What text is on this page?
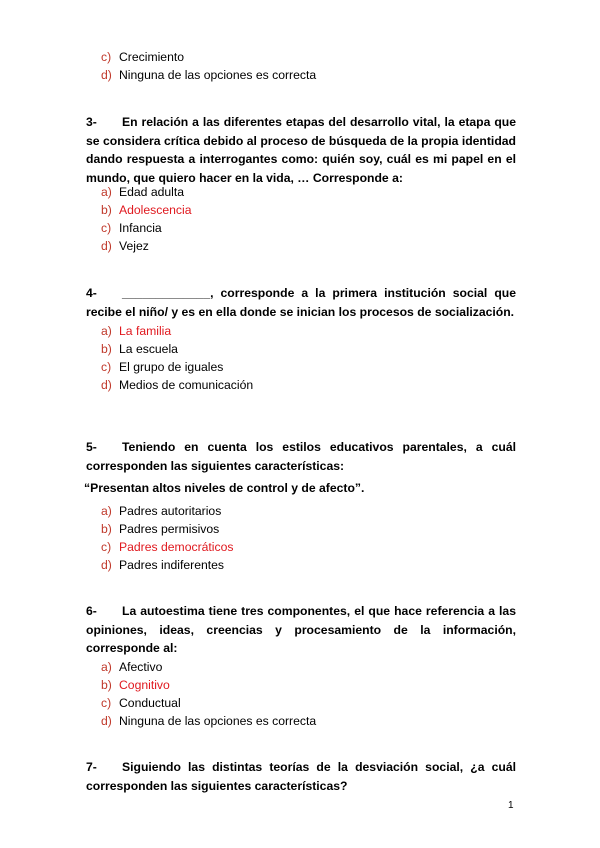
c) Crecimiento
d) Ninguna de las opciones es correcta
3- En relación a las diferentes etapas del desarrollo vital, la etapa que
se considera crítica debido al proceso de búsqueda de la propia identidad
dando respuesta a interrogantes como: quién soy, cuál es mi papel en el
mundo, que quiero hacer en la vida, … Corresponde a:
a) Edad adulta
b) Adolescencia
c) Infancia
d) Vejez
4- _____________, corresponde a la primera institución social que
recibe el niño/ y es en ella donde se inician los procesos de socialización.
a) La familia
b) La escuela
c) El grupo de iguales
d) Medios de comunicación
5- Teniendo en cuenta los estilos educativos parentales, a cuál
corresponden las siguientes características:
“Presentan altos niveles de control y de afecto”.
a) Padres autoritarios
b) Padres permisivos
c) Padres democráticos
d) Padres indiferentes
6- La autoestima tiene tres componentes, el que hace referencia a las
opiniones, ideas, creencias y procesamiento de la información,
corresponde al:
a) Afectivo
b) Cognitivo
c) Conductual
d) Ninguna de las opciones es correcta
7- Siguiendo las distintas teorías de la desviación social, ¿a cuál
corresponden las siguientes características?
1
